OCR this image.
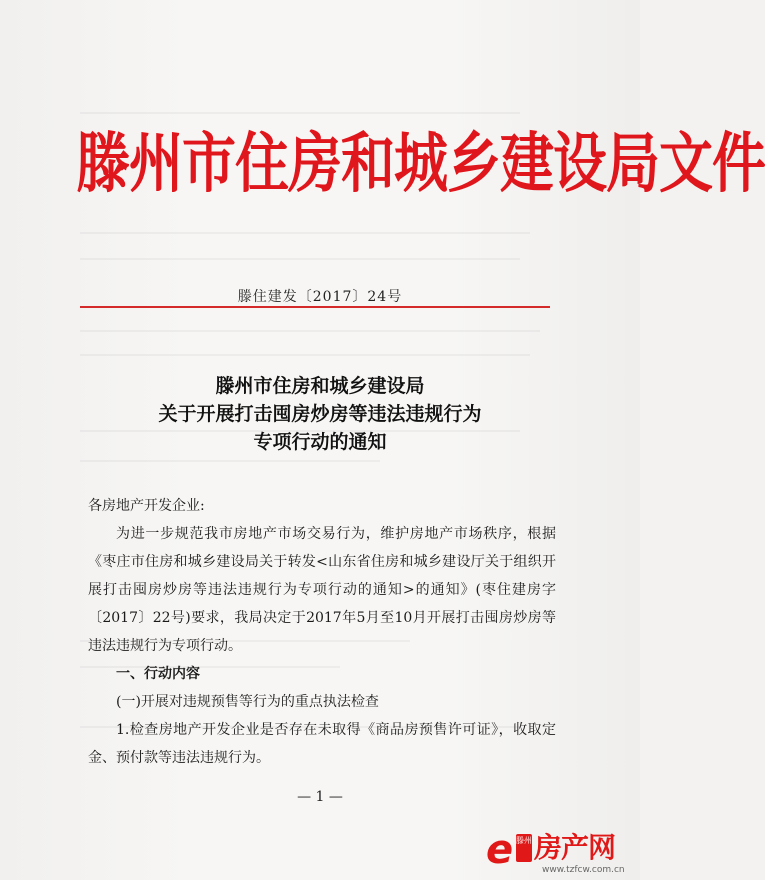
滕州市住房和城乡建设局文件
滕住建发〔2017〕24号
滕州市住房和城乡建设局
关于开展打击囤房炒房等违法违规行为
专项行动的通知

各房地产开发企业:

为进一步规范我市房地产市场交易行为，维护房地产市场秩序，根据《枣庄市住房和城乡建设局关于转发<山东省住房和城乡建设厅关于组织开展打击囤房炒房等违法违规行为专项行动的通知>的通知》(枣住建房字〔2017〕22号)要求，我局决定于2017年5月至10月开展打击囤房炒房等违法违规行为专项行动。

一、行动内容

(一)开展对违规预售等行为的重点执法检查

1.检查房地产开发企业是否存在未取得《商品房预售许可证》，收取定金、预付款等违法违规行为。

— 1 —
e 滕州 房产网
www.tzfcw.com.cn
